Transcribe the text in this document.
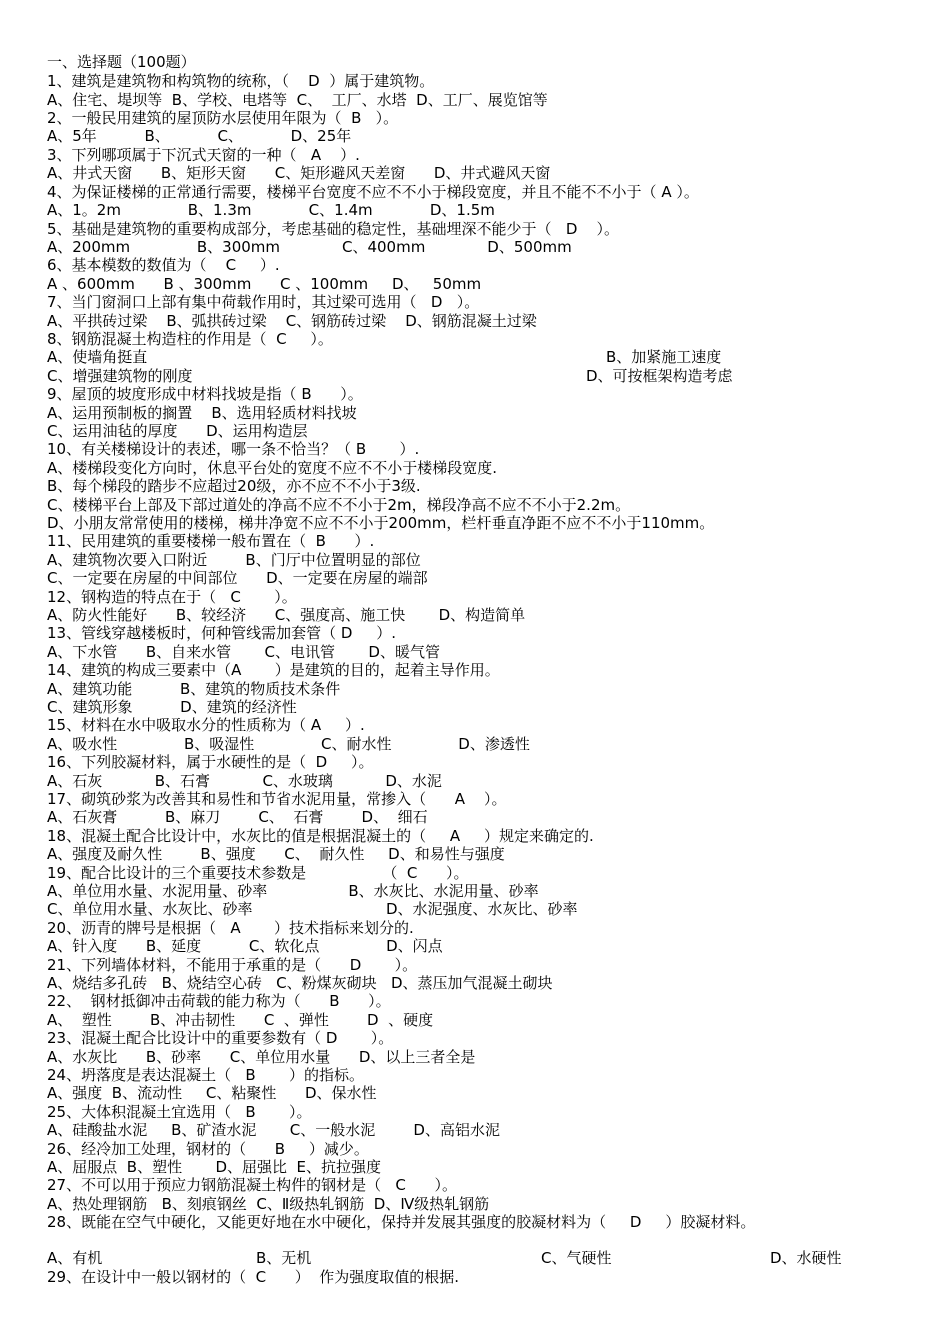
一、选择题（100题）
1、建筑是建筑物和构筑物的统称，（    D  ）属于建筑物。
A、住宅、堤坝等  B、学校、电塔等  C、  工厂、水塔  D、工厂、展览馆等
2、一般民用建筑的屋顶防水层使用年限为（  B   ）。
A、5年          B、          C、          D、25年
3、下列哪项属于下沉式天窗的一种（   A    ）.
A、井式天窗      B、矩形天窗      C、矩形避风天差窗      D、井式避风天窗
4、为保证楼梯的正常通行需要，楼梯平台宽度不应不不小于梯段宽度，并且不能不不小于（ A ）。
A、1。2m              B、1.3m            C、1.4m            D、1.5m
5、基础是建筑物的重要构成部分，考虑基础的稳定性，基础埋深不能少于（   D    ）。
A、200mm              B、300mm             C、400mm             D、500mm
6、基本模数的数值为（    C     ）.
A 、600mm      B 、300mm      C 、100mm     D、   50mm
7、当门窗洞口上部有集中荷载作用时，其过梁可选用（   D   ）。
A、平拱砖过梁    B、弧拱砖过梁    C、钢筋砖过梁    D、钢筋混凝土过梁
8、钢筋混凝土构造柱的作用是（  C     ）。
A、使墙角挺直	B、加紧施工速度
C、增强建筑物的刚度	D、可按框架构造考虑
9、屋顶的坡度形成中材料找坡是指（ B      ）。
A、运用预制板的搁置    B、选用轻质材料找坡
C、运用油毡的厚度      D、运用构造层
10、有关楼梯设计的表述，哪一条不恰当？（ B       ）.
A、楼梯段变化方向时，休息平台处的宽度不应不不小于楼梯段宽度.
B、每个梯段的踏步不应超过20级，亦不应不不小于3级.
C、楼梯平台上部及下部过道处的净高不应不不小于2m，梯段净高不应不不小于2.2m。
D、小朋友常常使用的楼梯，梯井净宽不应不不小于200mm，栏杆垂直净距不应不不小于110mm。
11、民用建筑的重要楼梯一般布置在（  B      ）.
A、建筑物次要入口附近        B、门厅中位置明显的部位
C、一定要在房屋的中间部位      D、一定要在房屋的端部
12、钢构造的特点在于（   C       ）。
A、防火性能好      B、较经济      C、强度高、施工快       D、构造简单
13、管线穿越楼板时，何种管线需加套管（ D     ）.
A、下水管      B、自来水管       C、电讯管       D、暖气管
14、建筑的构成三要素中（A       ）是建筑的目的，起着主导作用。
A、建筑功能          B、建筑的物质技术条件
C、建筑形象          D、建筑的经济性
15、材料在水中吸取水分的性质称为（ A     ）.
A、吸水性              B、吸湿性              C、耐水性              D、渗透性
16、下列胶凝材料，属于水硬性的是（  D     ）。
A、石灰           B、石膏           C、水玻璃           D、水泥
17、砌筑砂浆为改善其和易性和节省水泥用量，常掺入（      A    ）。
A、石灰膏          B、麻刀        C、  石膏        D、  细石
18、混凝土配合比设计中，水灰比的值是根据混凝土的（     A     ）规定来确定的.
A、强度及耐久性        B、强度      C、  耐久性     D、和易性与强度
19、配合比设计的三个重要技术参数是                （  C      ）。
A、单位用水量、水泥用量、砂率                 B、水灰比、水泥用量、砂率
C、单位用水量、水灰比、砂率                            D、水泥强度、水灰比、砂率
20、沥青的牌号是根据（   A       ）技术指标来划分的.
A、针入度      B、延度          C、软化点              D、闪点
21、下列墙体材料，不能用于承重的是（      D       ）。
A、烧结多孔砖   B、烧结空心砖   C、粉煤灰砌块   D、蒸压加气混凝土砌块
22、  钢材抵御冲击荷载的能力称为（      B      ）。
A、  塑性        B、冲击韧性      C  、弹性        D  、硬度
23、混凝土配合比设计中的重要参数有（ D       ）。
A、水灰比      B、砂率      C、单位用水量      D、以上三者全是
24、坍落度是表达混凝土（   B       ）的指标。
A、强度  B、流动性     C、粘聚性      D、保水性
25、大体积混凝土宜选用（   B       ）。
A、硅酸盐水泥     B、矿渣水泥       C、一般水泥        D、高铝水泥
26、经冷加工处理，钢材的（      B     ）减少。
A、屈服点  B、塑性       D、屈强比  E、抗拉强度
27、不可以用于预应力钢筋混凝土构件的钢材是（   C      ）。
A、热处理钢筋   B、刻痕钢丝  C、Ⅱ级热轧钢筋  D、Ⅳ级热轧钢筋
28、既能在空气中硬化，又能更好地在水中硬化，保持并发展其强度的胶凝材料为（     D     ）胶凝材料。
A、有机	B、无机	C、气硬性	D、水硬性
29、在设计中一般以钢材的（  C      ）  作为强度取值的根据.
